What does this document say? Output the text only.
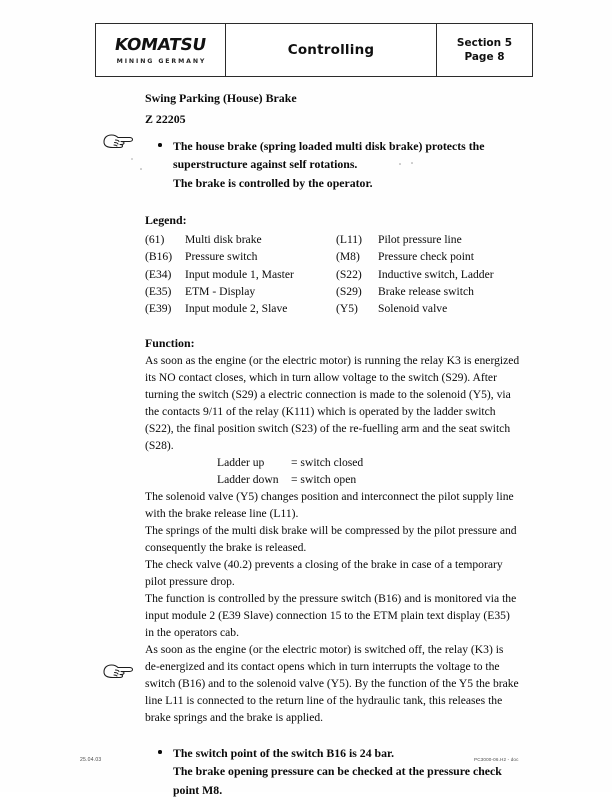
KOMATSU
MINING GERMANY
Controlling	Section 5
Page 8
Swing Parking (House) Brake
Z 22205

The house brake (spring loaded multi disk brake) protects the

superstructure against self rotations.

The brake is controlled by the operator.

Legend:
(61)	Multi disk brake	(L11)	Pilot pressure line
(B16)	Pressure switch	(M8)	Pressure check point
(E34)	Input module 1, Master	(S22)	Inductive switch, Ladder
(E35)	ETM - Display	(S29)	Brake release switch
(E39)	Input module 2, Slave	(Y5)	Solenoid valve
Function:

As soon as the engine (or the electric motor) is running the relay K3 is energized its NO contact closes, which in turn allow voltage to the switch (S29). After turning the switch (S29) a electric connection is made to the solenoid (Y5), via the contacts 9/11 of the relay (K111) which is operated by the ladder switch (S22), the final position switch (S23) of the re-fuelling arm and the seat switch (S28).

Ladder up	= switch closed
Ladder down	= switch open

The solenoid valve (Y5) changes position and interconnect the pilot supply line with the brake release line (L11).

The springs of the multi disk brake will be compressed by the pilot pressure and consequently the brake is released.

The check valve (40.2) prevents a closing of the brake in case of a temporary pilot pressure drop.

The function is controlled by the pressure switch (B16) and is monitored via the input module 2 (E39 Slave) connection 15 to the ETM plain text display (E35) in the operators cab.

As soon as the engine (or the electric motor) is switched off, the relay (K3) is de-energized and its contact opens which in turn interrupts the voltage to the switch (B16) and to the solenoid valve (Y5). By the function of the Y5 the brake line L11 is connected to the return line of the hydraulic tank, this releases the brake springs and the brake is applied.

The switch point of the switch B16 is 24 bar.

The brake opening pressure can be checked at the pressure check

point M8.

25.04.03	PC3000-06.H2 - doc
